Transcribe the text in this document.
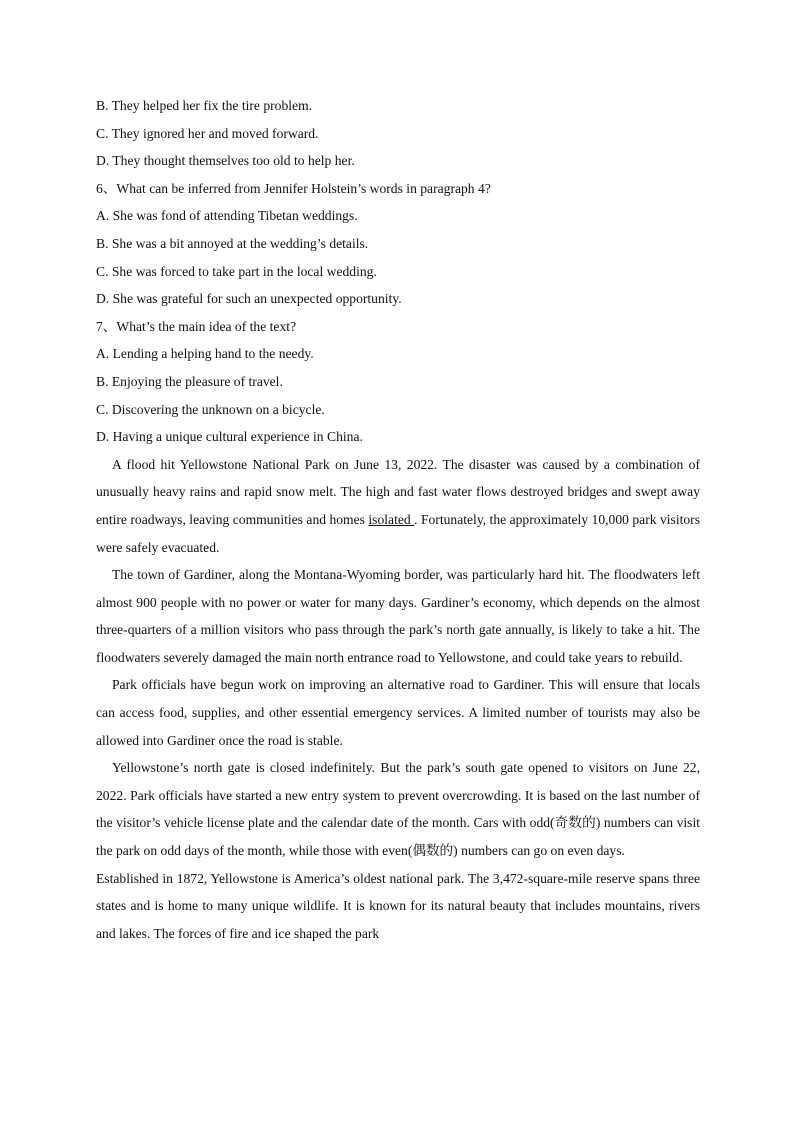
B. They helped her fix the tire problem.
C. They ignored her and moved forward.
D. They thought themselves too old to help her.
6、What can be inferred from Jennifer Holstein’s words in paragraph 4?
A. She was fond of attending Tibetan weddings.
B. She was a bit annoyed at the wedding’s details.
C. She was forced to take part in the local wedding.
D. She was grateful for such an unexpected opportunity.
7、What’s the main idea of the text?
A. Lending a helping hand to the needy.
B. Enjoying the pleasure of travel.
C. Discovering the unknown on a bicycle.
D. Having a unique cultural experience in China.

A flood hit Yellowstone National Park on June 13, 2022. The disaster was caused by a combination of unusually heavy rains and rapid snow melt. The high and fast water flows destroyed bridges and swept away entire roadways, leaving communities and homes isolated . Fortunately, the approximately 10,000 park visitors were safely evacuated.

The town of Gardiner, along the Montana-Wyoming border, was particularly hard hit. The floodwaters left almost 900 people with no power or water for many days. Gardiner’s economy, which depends on the almost three-quarters of a million visitors who pass through the park’s north gate annually, is likely to take a hit. The floodwaters severely damaged the main north entrance road to Yellowstone, and could take years to rebuild.

Park officials have begun work on improving an alternative road to Gardiner. This will ensure that locals can access food, supplies, and other essential emergency services. A limited number of tourists may also be allowed into Gardiner once the road is stable.

Yellowstone’s north gate is closed indefinitely. But the park’s south gate opened to visitors on June 22, 2022. Park officials have started a new entry system to prevent overcrowding. It is based on the last number of the visitor’s vehicle license plate and the calendar date of the month. Cars with odd(奇数的) numbers can visit the park on odd days of the month, while those with even(偶数的) numbers can go on even days.

Established in 1872, Yellowstone is America’s oldest national park. The 3,472-square-mile reserve spans three states and is home to many unique wildlife. It is known for its natural beauty that includes mountains, rivers and lakes. The forces of fire and ice shaped the park
